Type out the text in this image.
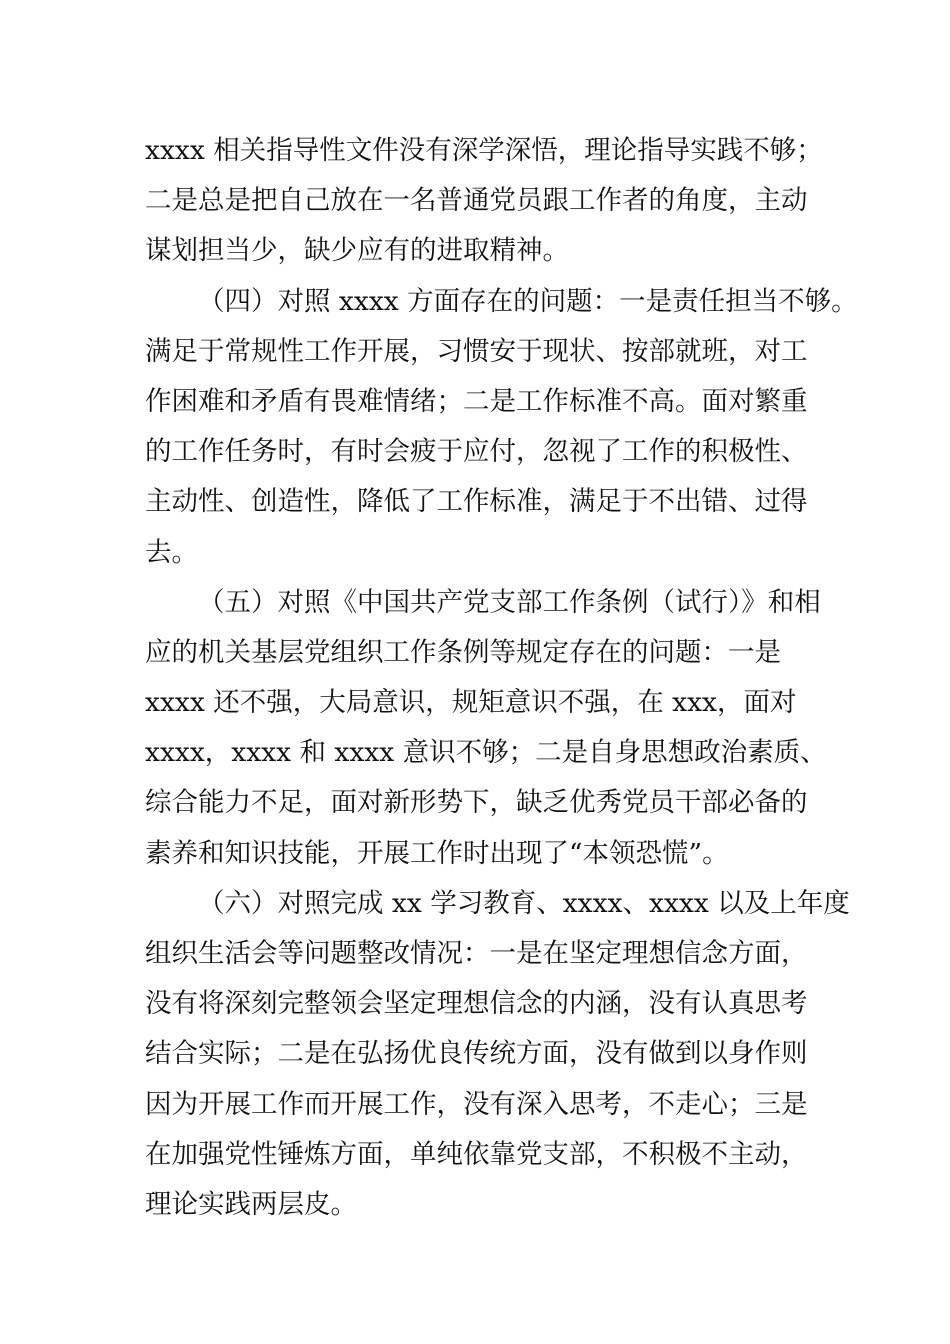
xxxx 相关指导性文件没有深学深悟，理论指导实践不够；
二是总是把自己放在一名普通党员跟工作者的角度，主动
谋划担当少，缺少应有的进取精神。
（四）对照 xxxx 方面存在的问题：一是责任担当不够。
满足于常规性工作开展，习惯安于现状、按部就班，对工
作困难和矛盾有畏难情绪；二是工作标准不高。面对繁重
的工作任务时，有时会疲于应付，忽视了工作的积极性、
主动性、创造性，降低了工作标准，满足于不出错、过得
去。
（五）对照《中国共产党支部工作条例（试行）》和相
应的机关基层党组织工作条例等规定存在的问题：一是
xxxx 还不强，大局意识，规矩意识不强，在 xxx，面对
xxxx，xxxx 和 xxxx 意识不够；二是自身思想政治素质、
综合能力不足，面对新形势下，缺乏优秀党员干部必备的
素养和知识技能，开展工作时出现了“本领恐慌”。
（六）对照完成 xx 学习教育、xxxx、xxxx 以及上年度
组织生活会等问题整改情况：一是在坚定理想信念方面，
没有将深刻完整领会坚定理想信念的内涵，没有认真思考
结合实际；二是在弘扬优良传统方面，没有做到以身作则
因为开展工作而开展工作，没有深入思考，不走心；三是
在加强党性锤炼方面，单纯依靠党支部，不积极不主动，
理论实践两层皮。
